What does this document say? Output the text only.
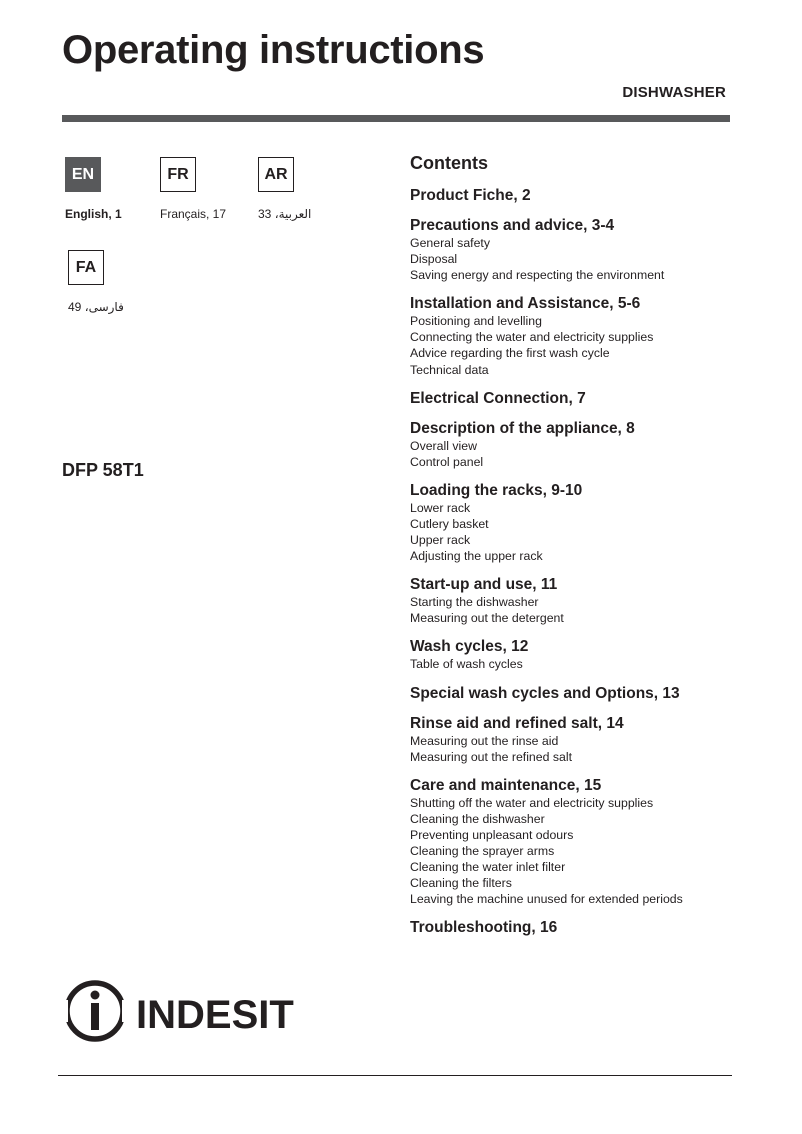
Operating instructions
DISHWASHER
EN
English, 1
FR
Français, 17
AR
العربية، 33
FA
فارسی، 49
DFP 58T1
Contents
Product Fiche, 2
Precautions and advice, 3-4
General safety
Disposal
Saving energy and respecting the environment
Installation and Assistance, 5-6
Positioning and levelling
Connecting the water and electricity supplies
Advice regarding the first wash cycle
Technical data
Electrical Connection, 7
Description of the appliance, 8
Overall view
Control panel
Loading the racks, 9-10
Lower rack
Cutlery basket
Upper rack
Adjusting the upper rack
Start-up and use, 11
Starting the dishwasher
Measuring out the detergent
Wash cycles, 12
Table of wash cycles
Special wash cycles and Options, 13
Rinse aid and refined salt, 14
Measuring out the rinse aid
Measuring out the refined salt
Care and maintenance, 15
Shutting off the water and electricity supplies
Cleaning the dishwasher
Preventing unpleasant odours
Cleaning the sprayer arms
Cleaning the water inlet filter
Cleaning the filters
Leaving the machine unused for extended periods
Troubleshooting, 16
INDESIT
